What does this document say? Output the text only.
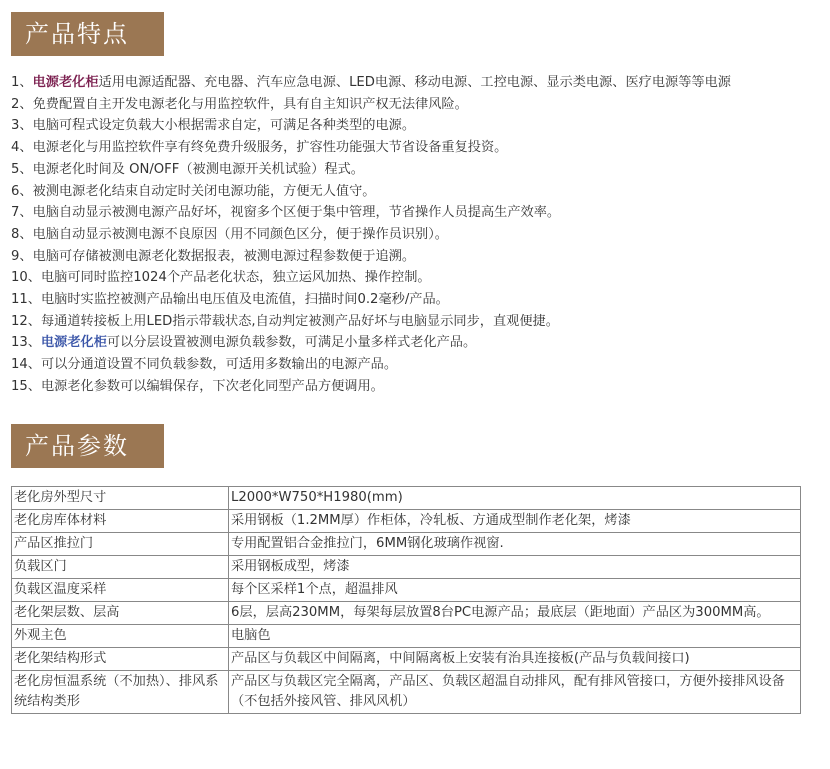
产品特点
1、电源老化柜适用电源适配器、充电器、汽车应急电源、LED电源、移动电源、工控电源、显示类电源、医疗电源等等电源
2、免费配置自主开发电源老化与用监控软件，具有自主知识产权无法律风险。
3、电脑可程式设定负载大小根据需求自定，可满足各种类型的电源。
4、电源老化与用监控软件享有终免费升级服务，扩容性功能强大节省设备重复投资。
5、电源老化时间及 ON/OFF（被测电源开关机试验）程式。
6、被测电源老化结束自动定时关闭电源功能，方便无人值守。
7、电脑自动显示被测电源产品好坏，视窗多个区便于集中管理，节省操作人员提高生产效率。
8、电脑自动显示被测电源不良原因（用不同颜色区分，便于操作员识别）。
9、电脑可存储被测电源老化数据报表，被测电源过程参数便于追溯。
10、电脑可同时监控1024个产品老化状态，独立运风加热、操作控制。
11、电脑时实监控被测产品输出电压值及电流值，扫描时间0.2毫秒/产品。
12、每通道转接板上用LED指示带载状态,自动判定被测产品好坏与电脑显示同步，直观便捷。
13、电源老化柜可以分层设置被测电源负载参数，可满足小量多样式老化产品。
14、可以分通道设置不同负载参数，可适用多数输出的电源产品。
15、电源老化参数可以编辑保存，下次老化同型产品方便调用。
产品参数
老化房外型尺寸	L2000*W750*H1980(mm)
老化房库体材料	采用钢板（1.2MM厚）作柜体，冷轧板、方通成型制作老化架，烤漆
产品区推拉门	专用配置铝合金推拉门，6MM钢化玻璃作视窗.
负载区门	采用钢板成型，烤漆
负载区温度采样	每个区采样1个点，超温排风
老化架层数、层高	6层，层高230MM，每架每层放置8台PC电源产品；最底层（距地面）产品区为300MM高。
外观主色	电脑色
老化架结构形式	产品区与负载区中间隔离，中间隔离板上安装有治具连接板(产品与负载间接口)
老化房恒温系统（不加热）、排风系统结构类形	产品区与负载区完全隔离，产品区、负载区超温自动排风，配有排风管接口，方便外接排风设备（不包括外接风管、排风风机）
